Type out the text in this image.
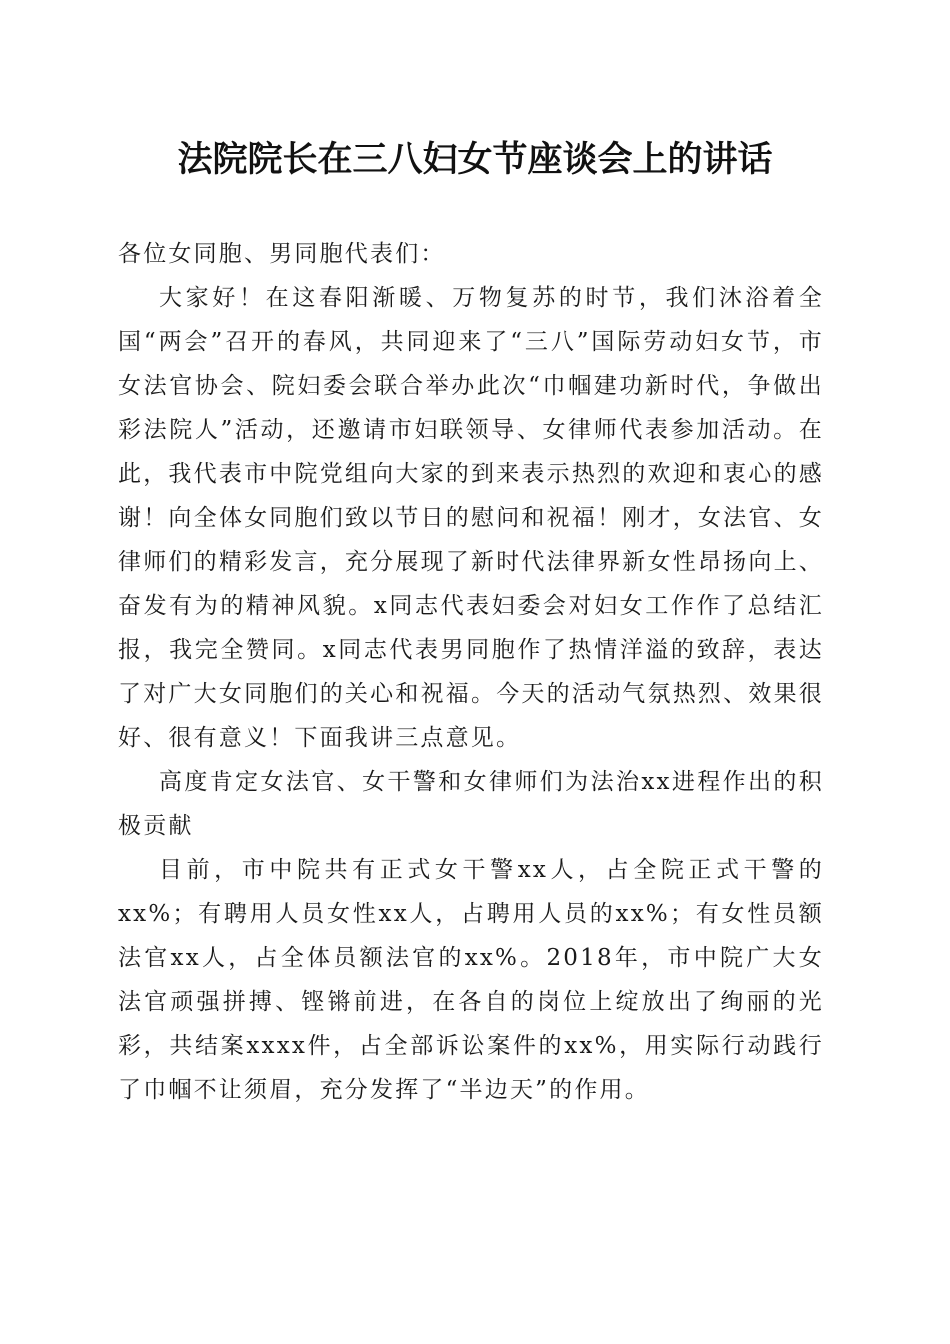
法院院长在三八妇女节座谈会上的讲话

各位女同胞、男同胞代表们：

大家好！在这春阳渐暖、万物复苏的时节，我们沐浴着全国“两会”召开的春风，共同迎来了“三八”国际劳动妇女节，市女法官协会、院妇委会联合举办此次“巾帼建功新时代，争做出彩法院人”活动，还邀请市妇联领导、女律师代表参加活动。在此，我代表市中院党组向大家的到来表示热烈的欢迎和衷心的感谢！向全体女同胞们致以节日的慰问和祝福！刚才，女法官、女律师们的精彩发言，充分展现了新时代法律界新女性昂扬向上、奋发有为的精神风貌。x同志代表妇委会对妇女工作作了总结汇报，我完全赞同。x同志代表男同胞作了热情洋溢的致辞，表达了对广大女同胞们的关心和祝福。今天的活动气氛热烈、效果很好、很有意义！下面我讲三点意见。

高度肯定女法官、女干警和女律师们为法治xx进程作出的积极贡献

目前，市中院共有正式女干警xx人，占全院正式干警的xx%；有聘用人员女性xx人，占聘用人员的xx%；有女性员额法官xx人，占全体员额法官的xx%。2018年，市中院广大女法官顽强拼搏、铿锵前进，在各自的岗位上绽放出了绚丽的光彩，共结案xxxx件，占全部诉讼案件的xx%，用实际行动践行了巾帼不让须眉，充分发挥了“半边天”的作用。
